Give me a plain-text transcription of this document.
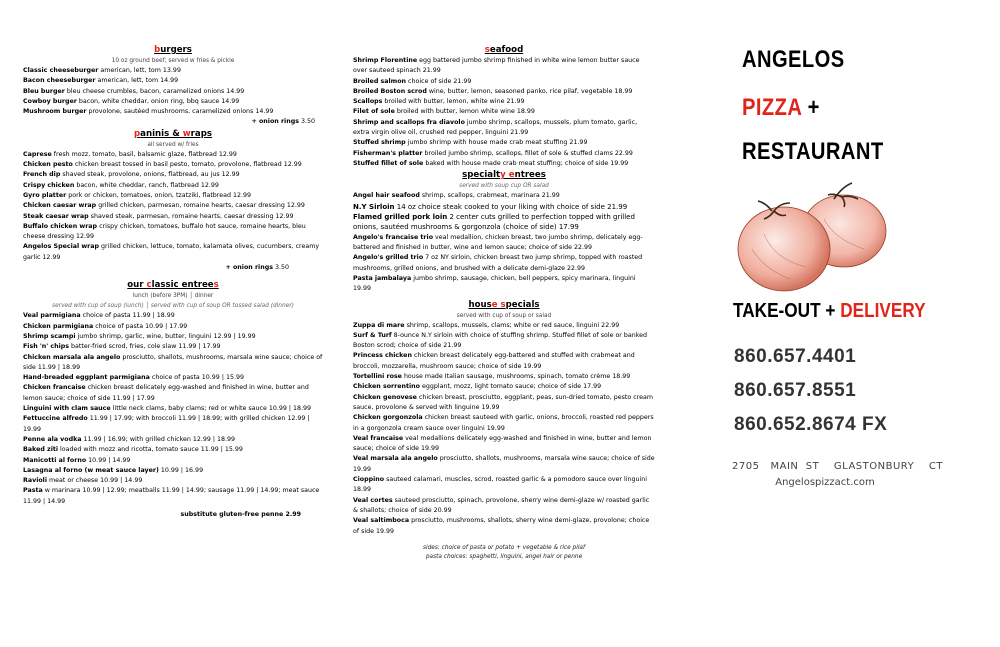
burgers
10 oz ground beef; served w fries & pickle
Classic cheeseburger american, lett, tom 13.99
Bacon cheeseburger american, lett, tom 14.99
Bleu burger bleu cheese crumbles, bacon, caramelized onions 14.99
Cowboy burger bacon, white cheddar, onion ring, bbq sauce 14.99
Mushroom burger provolone, sautéed mushrooms, caramelized onions 14.99
+ onion rings 3.50
paninis & wraps
all served w/ fries
Caprese fresh mozz, tomato, basil, balsamic glaze, flatbread 12.99
Chicken pesto chicken breast tossed in basil pesto, tomato, provolone, flatbread 12.99
French dip shaved steak, provolone, onions, flatbread, au jus 12.99
Crispy chicken bacon, white cheddar, ranch, flatbread 12.99
Gyro platter pork or chicken, tomatoes, onion, tzatziki, flatbread 12.99
Chicken caesar wrap grilled chicken, parmesan, romaine hearts, caesar dressing 12.99
Steak caesar wrap shaved steak, parmesan, romaine hearts, caesar dressing 12.99
Buffalo chicken wrap crispy chicken, tomatoes, buffalo hot sauce, romaine hearts, bleu cheese dressing 12.99
Angelos Special wrap grilled chicken, lettuce, tomato, kalamata olives, cucumbers, creamy garlic 12.99
+ onion rings 3.50
our classic entrees
lunch (before 3PM) │ dinner
served with cup of soup (lunch) │ served with cup of soup OR tossed salad (dinner)
Veal parmigiana choice of pasta 11.99 | 18.99
Chicken parmigiana choice of pasta 10.99 | 17.99
Shrimp scampi jumbo shrimp, garlic, wine, butter, linguini 12.99 | 19.99
Fish 'n' chips batter-fried scrod, fries, cole slaw 11.99 | 17.99
Chicken marsala ala angelo prosciutto, shallots, mushrooms, marsala wine sauce; choice of side 11.99 | 18.99
Hand-breaded eggplant parmigiana choice of pasta 10.99 | 15.99
Chicken francaise chicken breast delicately egg-washed and finished in wine, butter and lemon sauce; choice of side 11.99 | 17.99
Linguini with clam sauce little neck clams, baby clams; red or white sauce 10.99 | 18.99
Fettuccine alfredo 11.99 | 17.99; with broccoli 11.99 | 18.99; with grilled chicken 12.99 | 19.99
Penne ala vodka 11.99 | 16.99; with grilled chicken 12.99 | 18.99
Baked ziti loaded with mozz and ricotta, tomato sauce 11.99 | 15.99
Manicotti al forno 10.99 | 14.99
Lasagna al forno (w meat sauce layer) 10.99 | 16.99
Ravioli meat or cheese 10.99 | 14.99
Pasta w marinara 10.99 | 12.99; meatballs 11.99 | 14.99; sausage 11.99 | 14.99; meat sauce 11.99 | 14.99
substitute gluten-free penne 2.99
seafood
Shrimp Florentine egg battered jumbo shrimp finished in white wine lemon butter sauce over sauteed spinach 21.99
Broiled salmon choice of side 21.99
Broiled Boston scrod wine, butter, lemon, seasoned panko, rice pilaf, vegetable 18.99
Scallops broiled with butter, lemon, white wine 21.99
Filet of sole broiled with butter, lemon white wine 18.99
Shrimp and scallops fra diavolo jumbo shrimp, scallops, mussels, plum tomato, garlic, extra virgin olive oil, crushed red pepper, linguini 21.99
Stuffed shrimp jumbo shrimp with house made crab meat stuffing 21.99
Fisherman's platter broiled jumbo shrimp, scallops, fillet of sole & stuffed clams 22.99
Stuffed fillet of sole baked with house made crab meat stuffing; choice of side 19.99
specialty entrees
served with soup cup OR salad
Angel hair seafood shrimp, scallops, crabmeat, marinara 21.99
N.Y Sirloin 14 oz choice steak cooked to your liking with choice of side 21.99
Flamed grilled pork loin 2 center cuts grilled to perfection topped with grilled onions, sautéed mushrooms & gorgonzola (choice of side) 17.99
Angelo's francaise trio veal medallion, chicken breast, two jumbo shrimp, delicately egg-battered and finished in butter, wine and lemon sauce; choice of side 22.99
Angelo's grilled trio 7 oz NY sirloin, chicken breast two jump shrimp, topped with roasted mushrooms, grilled onions, and brushed with a delicate demi-glaze 22.99
Pasta jambalaya jumbo shrimp, sausage, chicken, bell peppers, spicy marinara, linguini 19.99
house specials
served with cup of soup or salad
Zuppa di mare shrimp, scallops, mussels, clams; white or red sauce, linguini 22.99
Surf & Turf 8-ounce N.Y sirloin with choice of stuffing shrimp. Stuffed fillet of sole or banked Boston scrod; choice of side 21.99
Princess chicken chicken breast delicately egg-battered and stuffed with crabmeat and broccoli, mozzarella, mushroom sauce; choice of side 19.99
Tortellini rose house made Italian sausage, mushrooms, spinach, tomato crème 18.99
Chicken sorrentino eggplant, mozz, light tomato sauce; choice of side 17.99
Chicken genovese chicken breast, prosciutto, eggplant, peas, sun-dried tomato, pesto cream sauce, provolone & served with linguine 19.99
Chicken gorgonzola chicken breast sauteed with garlic, onions, broccoli, roasted red peppers in a gorgonzola cream sauce over linguini 19.99
Veal francaise veal medallions delicately egg-washed and finished in wine, butter and lemon sauce; choice of side 19.99
Veal marsala ala angelo prosciutto, shallots, mushrooms, marsala wine sauce; choice of side 19.99
Cioppino sauteed calamari, muscles, scrod, roasted garlic & a pomodoro sauce over linguini 18.99
Veal cortes sauteed prosciutto, spinach, provolone, sherry wine demi-glaze w/ roasted garlic & shallots; choice of side 20.99
Veal saltimboca prosciutto, mushrooms, shallots, sherry wine demi-glaze, provolone; choice of side 19.99
sides: choice of pasta or potato + vegetable & rice pilaf
pasta choices: spaghetti, linguini, angel hair or penne
ANGELOS
PIZZA +
RESTAURANT
TAKE-OUT + DELIVERY
860.657.4401
860.657.8551
860.652.8674 FX
2705   MAIN  ST    GLASTONBURY    CT
Angelospizzact.com
